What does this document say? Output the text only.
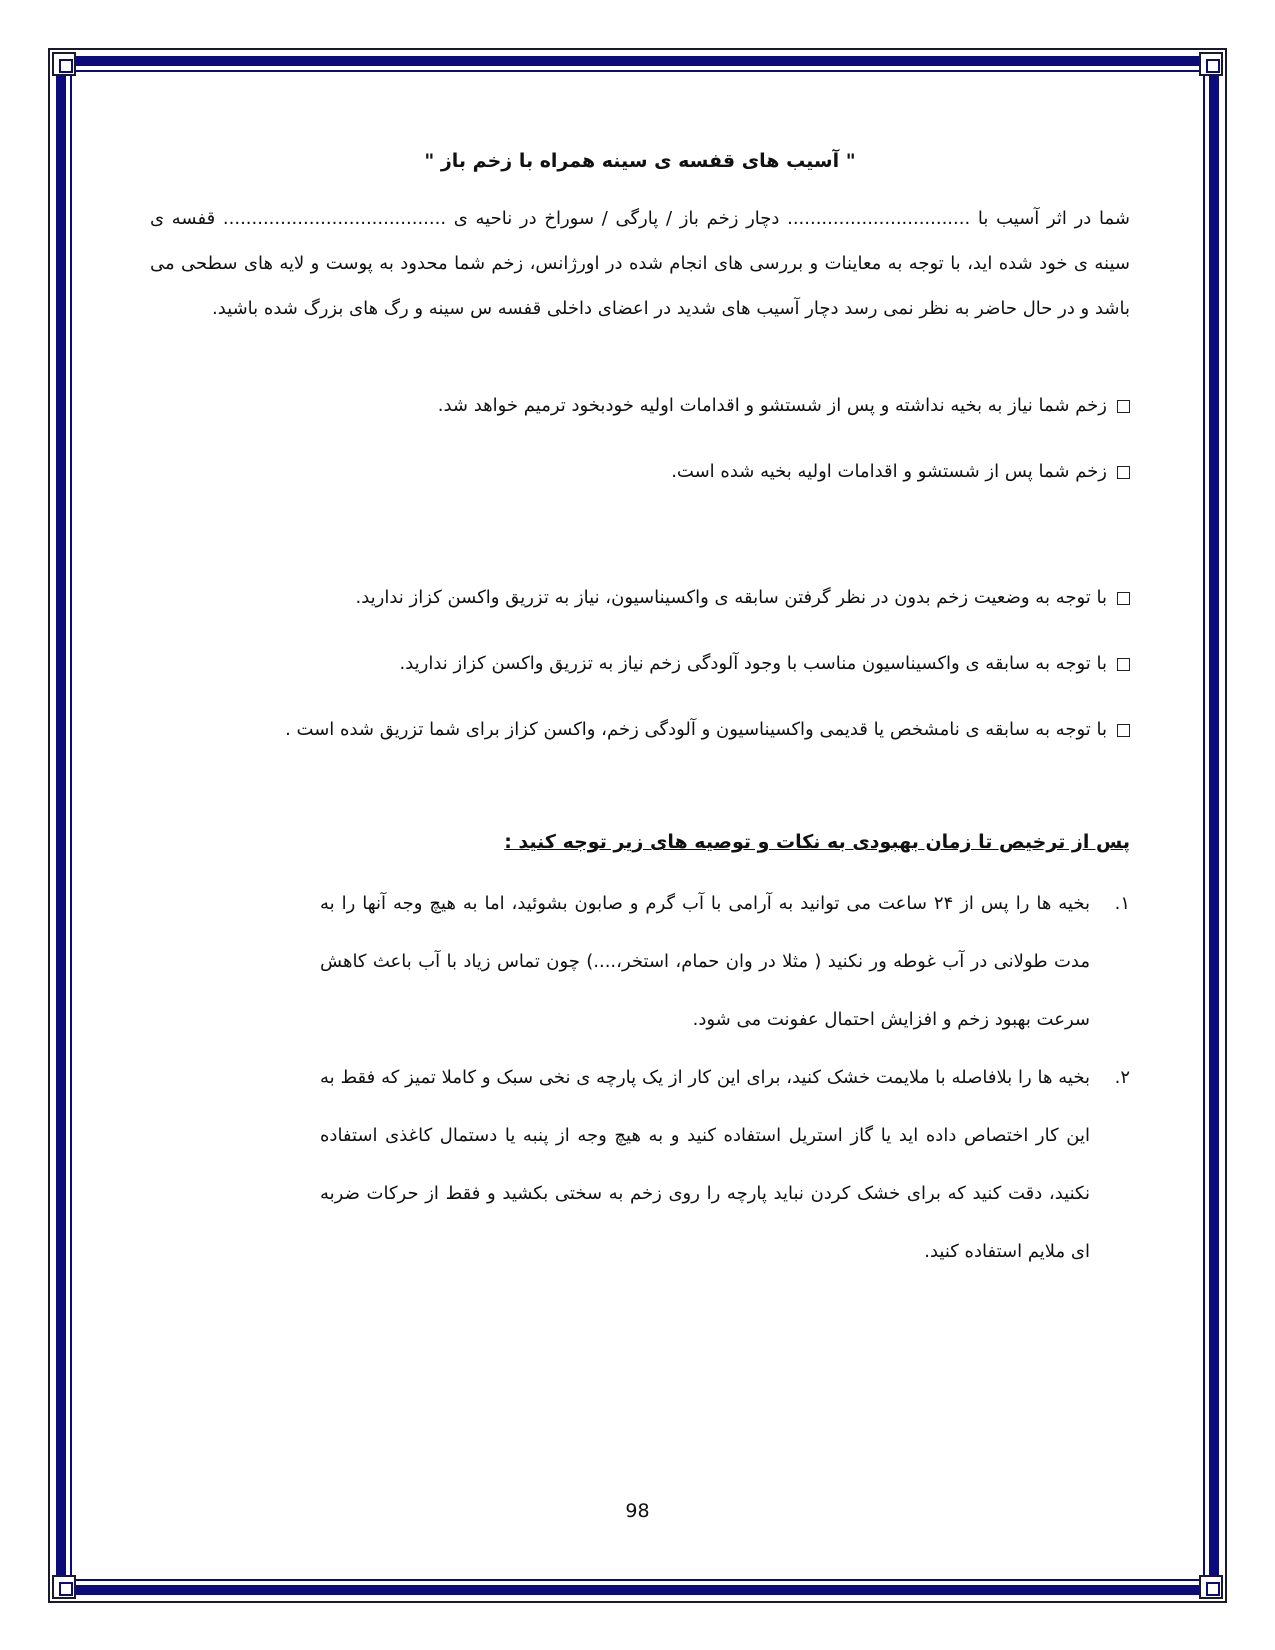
" آسیب های قفسه ی سینه همراه با زخم باز "

شما در اثر آسیب با ................................ دچار زخم باز / پارگی / سوراخ در ناحیه ی ....................................... قفسه ی سینه ی خود شده اید، با توجه به معاینات و بررسی های انجام شده در اورژانس، زخم شما محدود به پوست و لایه های سطحی می باشد و در حال حاضر به نظر نمی رسد دچار آسیب های شدید در اعضای داخلی قفسه س سینه و رگ های بزرگ شده باشید.

زخم شما نیاز به بخیه نداشته و پس از شستشو و اقدامات اولیه خودبخود ترمیم خواهد شد.
زخم شما پس از شستشو و اقدامات اولیه بخیه شده است.
با توجه به وضعیت زخم بدون در نظر گرفتن سابقه ی واکسیناسیون، نیاز به تزریق واکسن کزاز ندارید.
با توجه به سابقه ی واکسیناسیون مناسب با وجود آلودگی زخم نیاز به تزریق واکسن کزاز ندارید.
با توجه به سابقه ی نامشخص یا قدیمی واکسیناسیون و آلودگی زخم، واکسن کزاز برای شما تزریق شده است .
پس از ترخیص تا زمان بهبودی به نکات و توصیه های زیر توجه کنید :
۱.
بخیه ها را پس از ۲۴ ساعت می توانید به آرامی با آب گرم و صابون بشوئید، اما به هیچ وجه آنها را به مدت طولانی در آب غوطه ور نکنید ( مثلا در وان حمام، استخر،....) چون تماس زیاد با آب باعث کاهش سرعت بهبود زخم و افزایش احتمال عفونت می شود.
۲.
بخیه ها را بلافاصله با ملایمت خشک کنید، برای این کار از یک پارچه ی نخی سبک و کاملا تمیز که فقط به این کار اختصاص داده اید یا گاز استریل استفاده کنید و به هیچ وجه از پنبه یا دستمال کاغذی استفاده نکنید، دقت کنید که برای خشک کردن نباید پارچه را روی زخم به سختی بکشید و فقط از حرکات ضربه ای ملایم استفاده کنید.
98
